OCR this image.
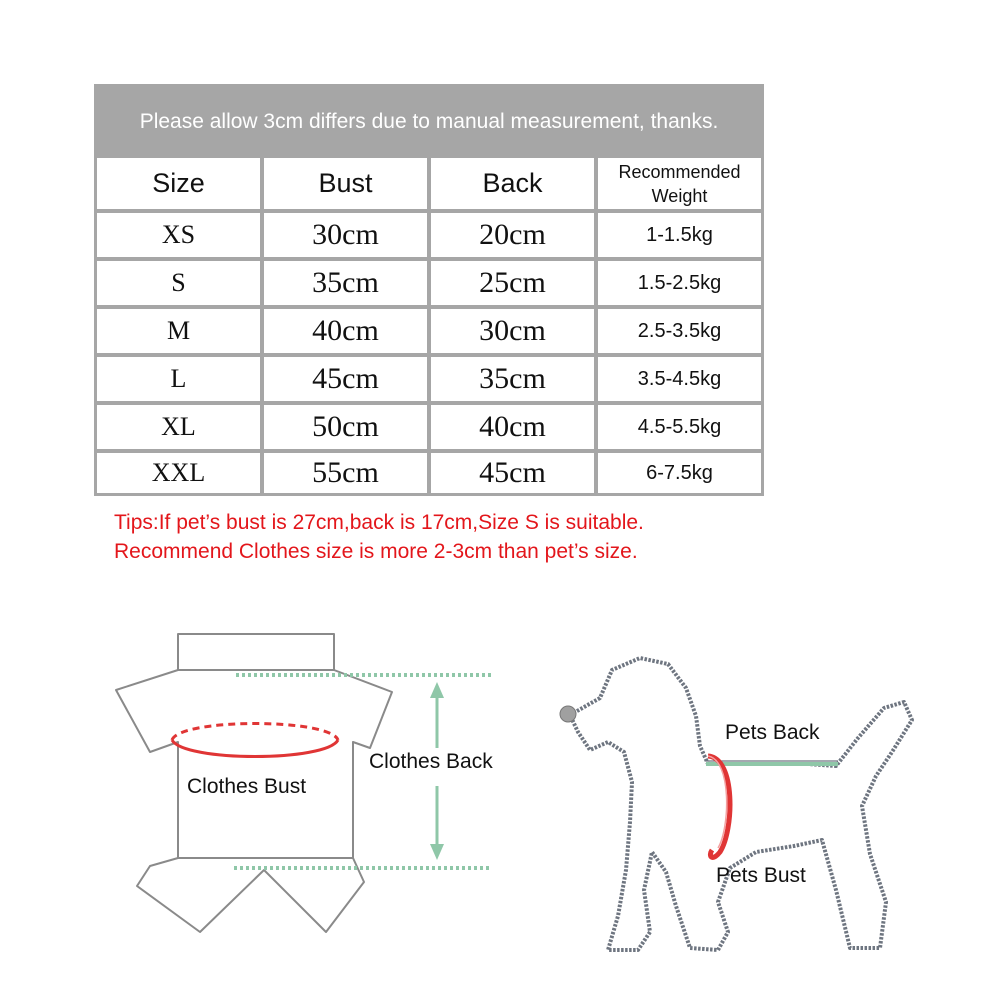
Please allow 3cm differs due to manual measurement, thanks.
Size	Bust	Back	Recommended
Weight
XS	30cm	20cm	1-1.5kg
S	35cm	25cm	1.5-2.5kg
M	40cm	30cm	2.5-3.5kg
L	45cm	35cm	3.5-4.5kg
XL	50cm	40cm	4.5-5.5kg
XXL	55cm	45cm	6-7.5kg
Tips:If pet’s bust is 27cm,back is 17cm,Size S is suitable.
Recommend Clothes size is more 2-3cm than pet’s size.
Clothes Back
Clothes Bust
Pets Back
Pets Bust
